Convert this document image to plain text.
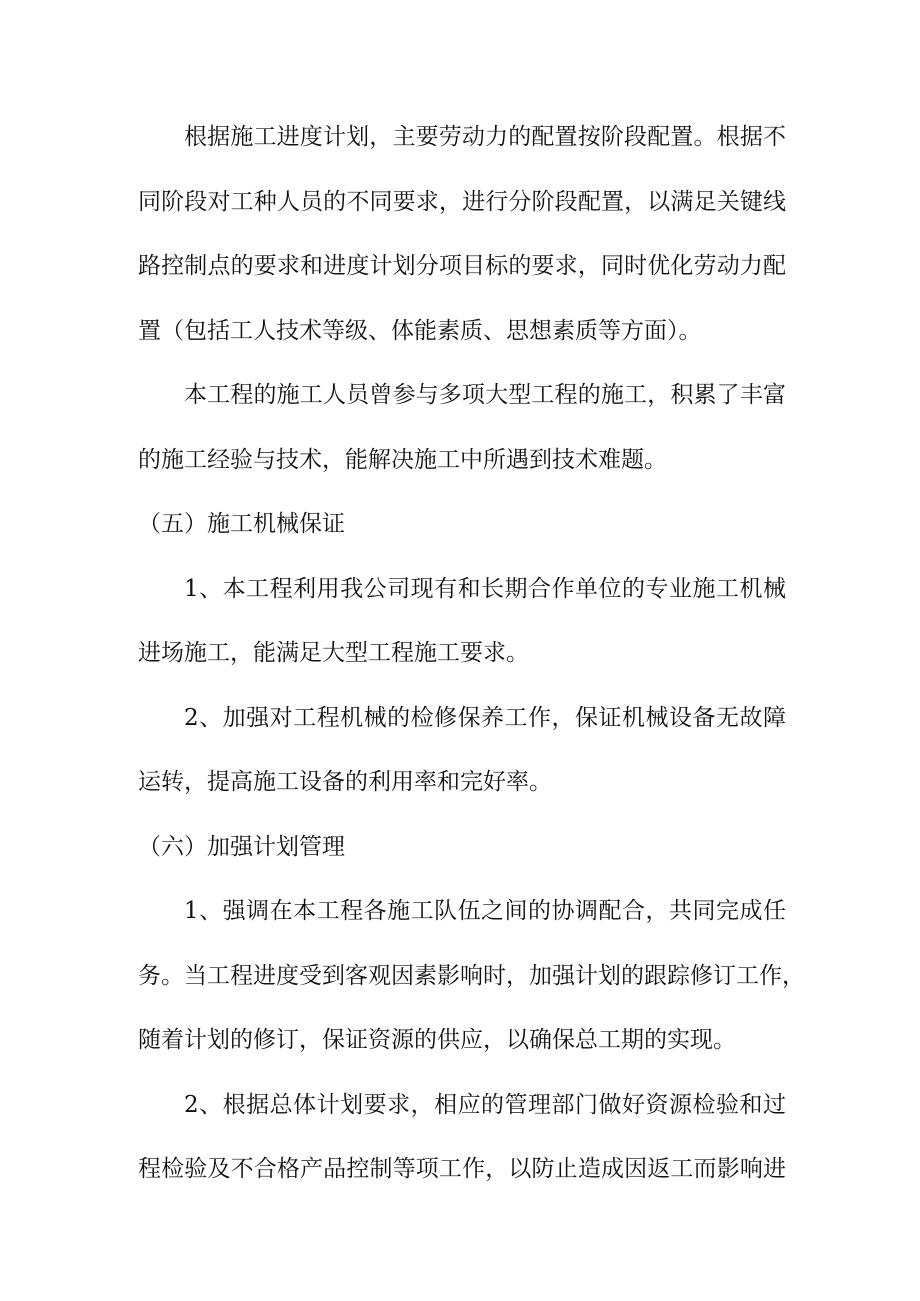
根据施工进度计划，主要劳动力的配置按阶段配置。根据不
同阶段对工种人员的不同要求，进行分阶段配置，以满足关键线
路控制点的要求和进度计划分项目标的要求，同时优化劳动力配
置（包括工人技术等级、体能素质、思想素质等方面）。
本工程的施工人员曾参与多项大型工程的施工，积累了丰富
的施工经验与技术，能解决施工中所遇到技术难题。
（五）施工机械保证
1、本工程利用我公司现有和长期合作单位的专业施工机械
进场施工，能满足大型工程施工要求。
2、加强对工程机械的检修保养工作，保证机械设备无故障
运转，提高施工设备的利用率和完好率。
（六）加强计划管理
1、强调在本工程各施工队伍之间的协调配合，共同完成任
务。当工程进度受到客观因素影响时，加强计划的跟踪修订工作，
随着计划的修订，保证资源的供应，以确保总工期的实现。
2、根据总体计划要求，相应的管理部门做好资源检验和过
程检验及不合格产品控制等项工作，以防止造成因返工而影响进
